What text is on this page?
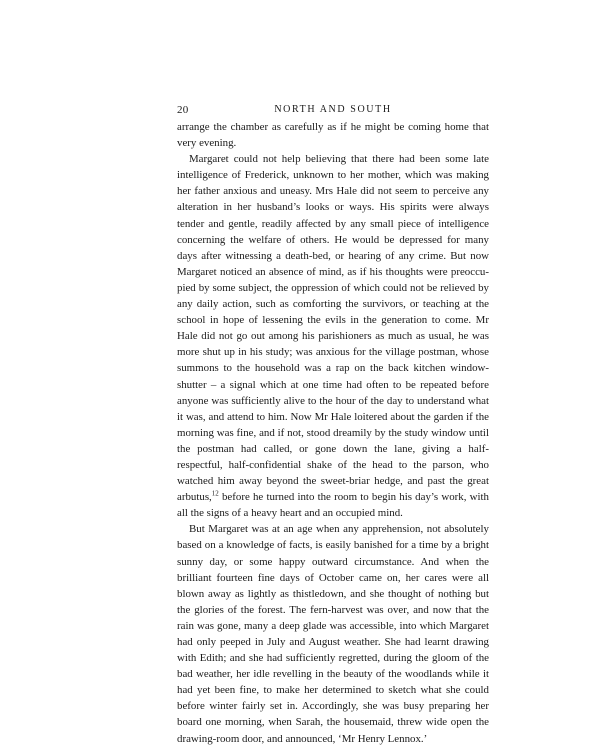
20	NORTH AND SOUTH

arrange the chamber as carefully as if he might be coming home that very evening.

Margaret could not help believing that there had been some late intelligence of Frederick, unknown to her mother, which was making her father anxious and uneasy. Mrs Hale did not seem to perceive any alteration in her husband’s looks or ways. His spirits were always tender and gentle, readily affected by any small piece of intelligence concerning the welfare of others. He would be depressed for many days after witnessing a death-bed, or hearing of any crime. But now Margaret noticed an absence of mind, as if his thoughts were preoccupied by some subject, the oppression of which could not be relieved by any daily action, such as comforting the survivors, or teaching at the school in hope of lessening the evils in the generation to come. Mr Hale did not go out among his parishioners as much as usual, he was more shut up in his study; was anxious for the village postman, whose summons to the household was a rap on the back kitchen window-shutter – a signal which at one time had often to be repeated before anyone was sufficiently alive to the hour of the day to understand what it was, and attend to him. Now Mr Hale loitered about the garden if the morning was fine, and if not, stood dreamily by the study window until the postman had called, or gone down the lane, giving a half-respectful, half-confidential shake of the head to the parson, who watched him away beyond the sweet-briar hedge, and past the great arbutus,$^{12}$ before he turned into the room to begin his day’s work, with all the signs of a heavy heart and an occupied mind.

But Margaret was at an age when any apprehension, not absolutely based on a knowledge of facts, is easily banished for a time by a bright sunny day, or some happy outward circumstance. And when the brilliant fourteen fine days of October came on, her cares were all blown away as lightly as thistledown, and she thought of nothing but the glories of the forest. The fern-harvest was over, and now that the rain was gone, many a deep glade was accessible, into which Margaret had only peeped in July and August weather. She had learnt drawing with Edith; and she had sufficiently regretted, during the gloom of the bad weather, her idle revelling in the beauty of the woodlands while it had yet been fine, to make her determined to sketch what she could before winter fairly set in. Accordingly, she was busy preparing her board one morning, when Sarah, the housemaid, threw wide open the drawing-room door, and announced, ‘Mr Henry Lennox.’
